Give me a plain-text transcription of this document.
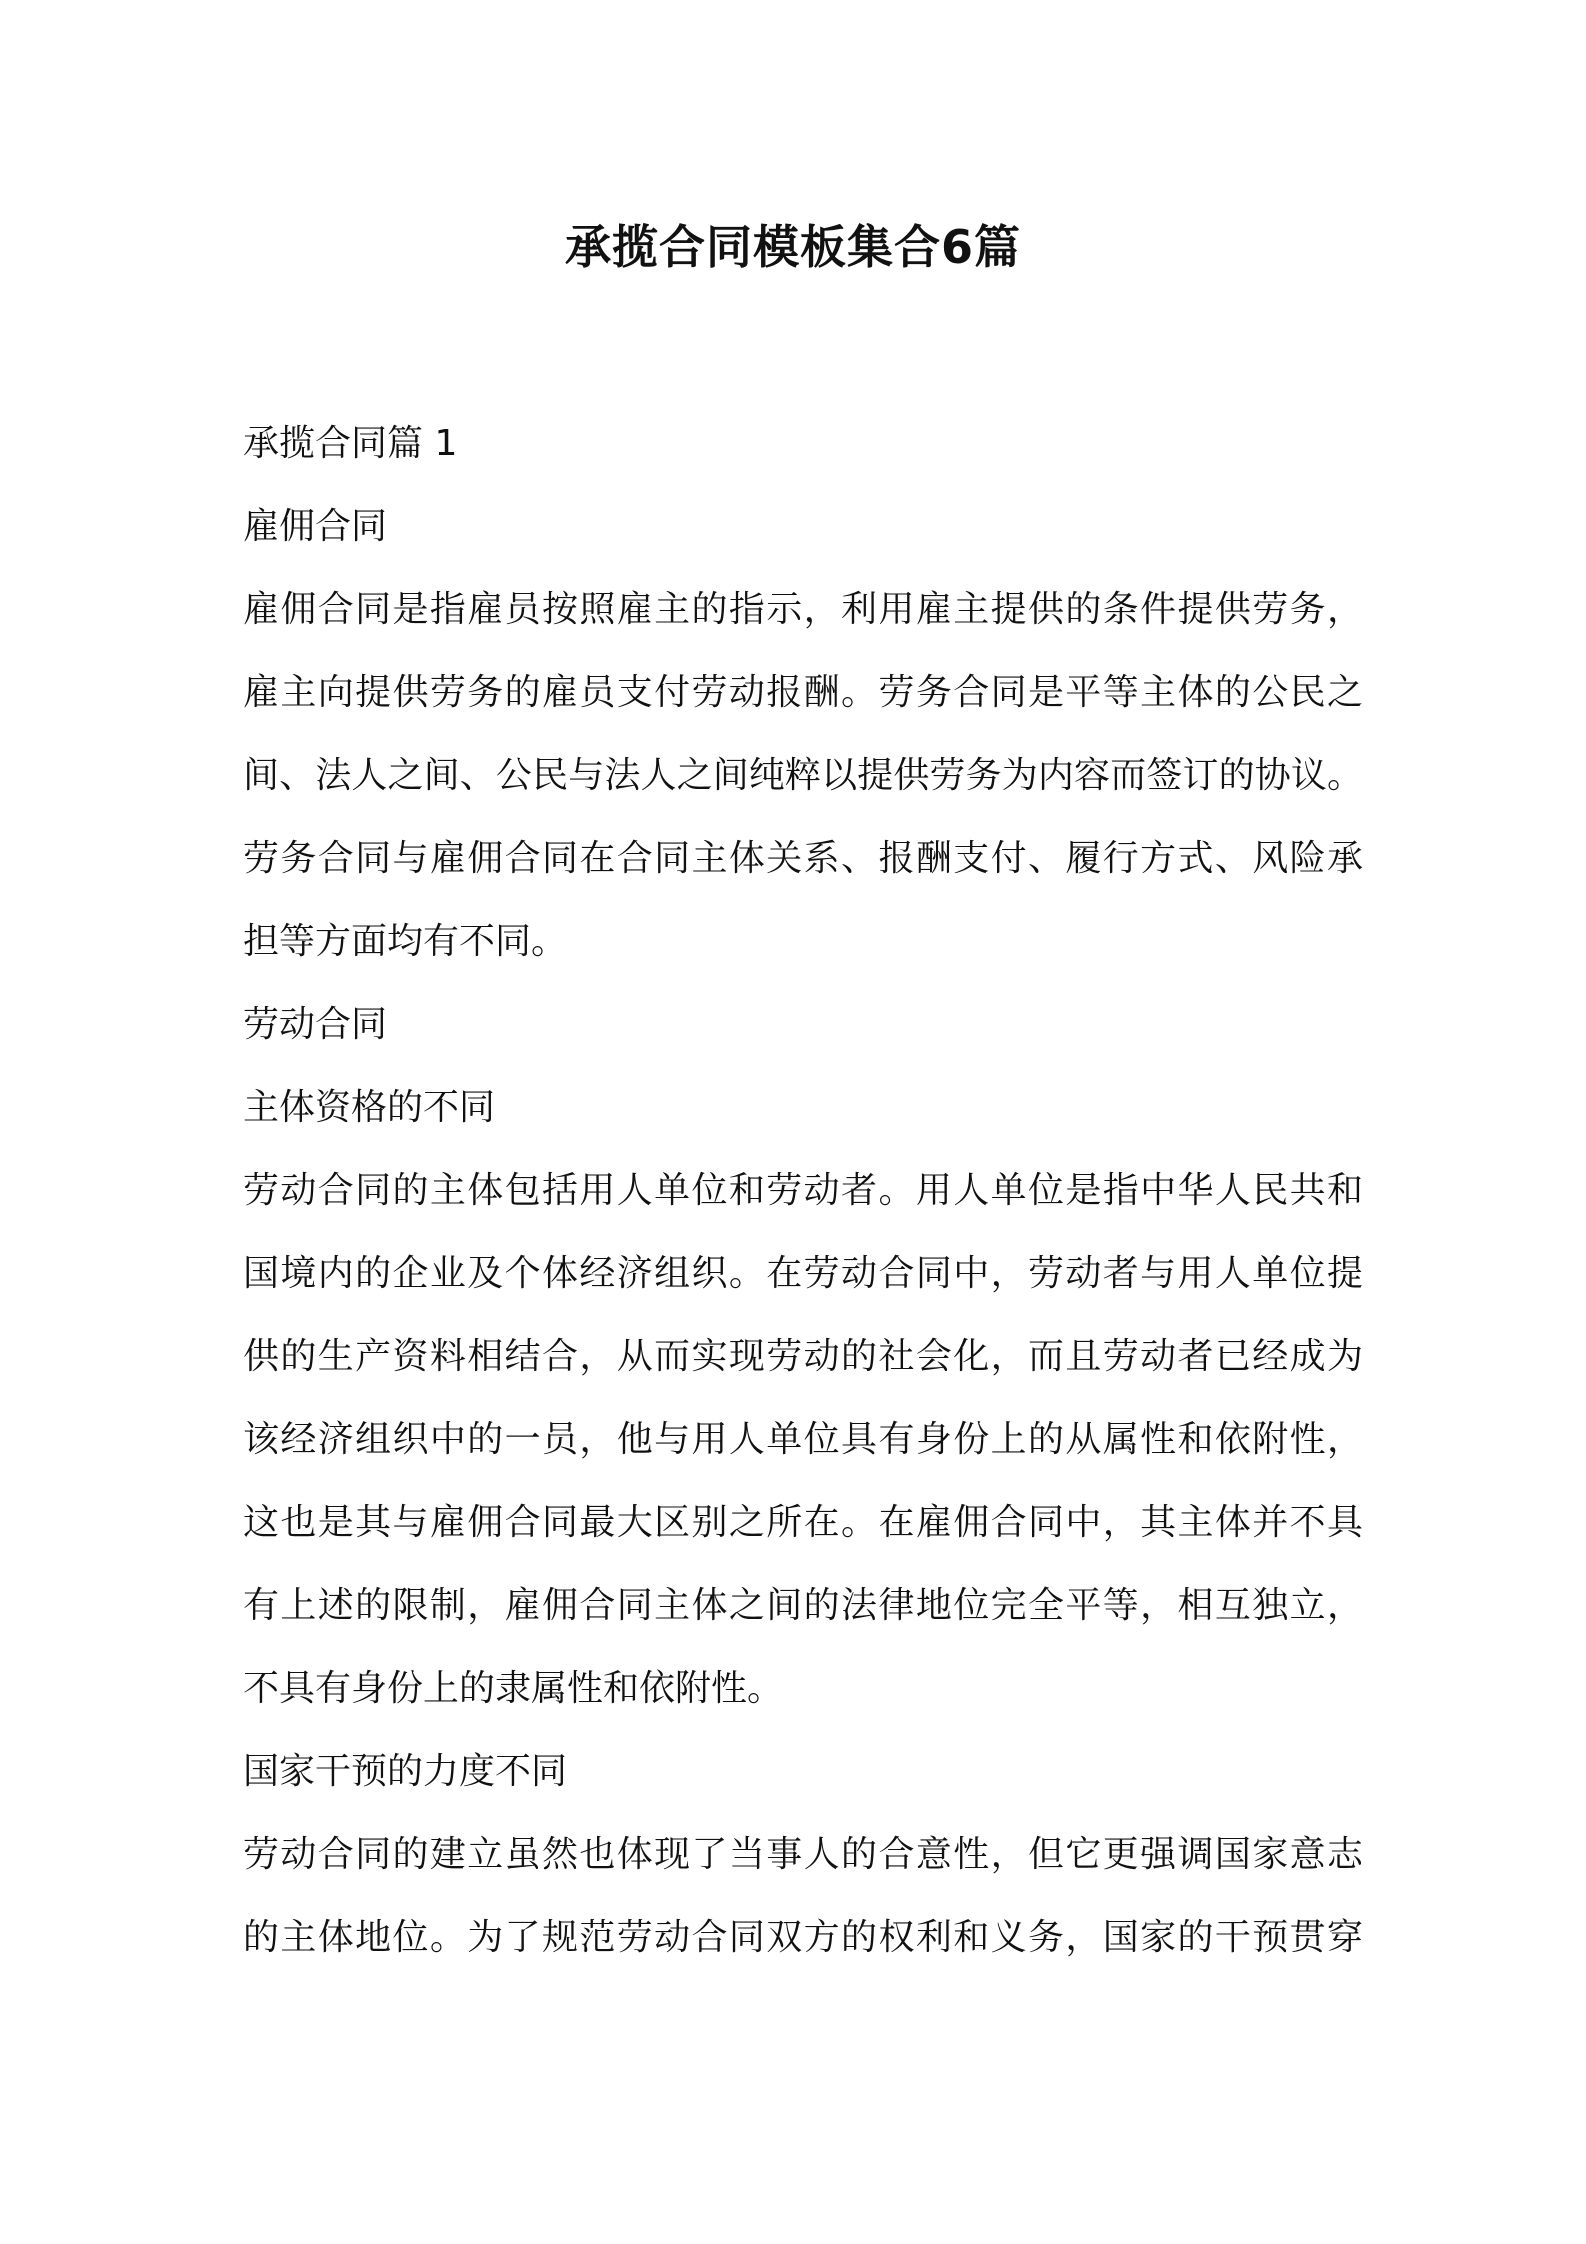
承揽合同模板集合6篇

承揽合同篇 1

雇佣合同

雇佣合同是指雇员按照雇主的指示，利用雇主提供的条件提供劳务，

雇主向提供劳务的雇员支付劳动报酬。劳务合同是平等主体的公民之

间、法人之间、公民与法人之间纯粹以提供劳务为内容而签订的协议。

劳务合同与雇佣合同在合同主体关系、报酬支付、履行方式、风险承

担等方面均有不同。

劳动合同

主体资格的不同

劳动合同的主体包括用人单位和劳动者。用人单位是指中华人民共和

国境内的企业及个体经济组织。在劳动合同中，劳动者与用人单位提

供的生产资料相结合，从而实现劳动的社会化，而且劳动者已经成为

该经济组织中的一员，他与用人单位具有身份上的从属性和依附性，

这也是其与雇佣合同最大区别之所在。在雇佣合同中，其主体并不具

有上述的限制，雇佣合同主体之间的法律地位完全平等，相互独立，

不具有身份上的隶属性和依附性。

国家干预的力度不同

劳动合同的建立虽然也体现了当事人的合意性，但它更强调国家意志

的主体地位。为了规范劳动合同双方的权利和义务，国家的干预贯穿
